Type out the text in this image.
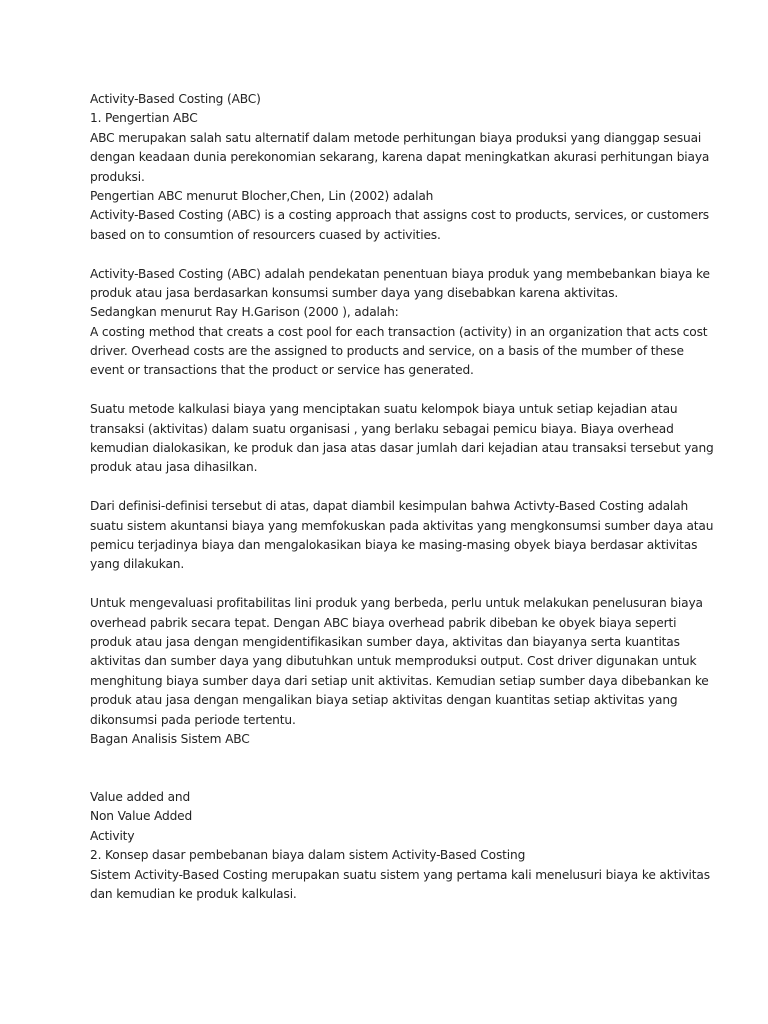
Activity-Based Costing (ABC)
1. Pengertian ABC
ABC merupakan salah satu alternatif dalam metode perhitungan biaya produksi yang dianggap sesuai
dengan keadaan dunia perekonomian sekarang, karena dapat meningkatkan akurasi perhitungan biaya
produksi.
Pengertian ABC menurut Blocher,Chen, Lin (2002) adalah
Activity-Based Costing (ABC) is a costing approach that assigns cost to products, services, or customers
based on to consumtion of resourcers cuased by activities.
Activity-Based Costing (ABC) adalah pendekatan penentuan biaya produk yang membebankan biaya ke
produk atau jasa berdasarkan konsumsi sumber daya yang disebabkan karena aktivitas.
Sedangkan menurut Ray H.Garison (2000 ), adalah:
A costing method that creats a cost pool for each transaction (activity) in an organization that acts cost
driver. Overhead costs are the assigned to products and service, on a basis of the mumber of these
event or transactions that the product or service has generated.
Suatu metode kalkulasi biaya yang menciptakan suatu kelompok biaya untuk setiap kejadian atau
transaksi (aktivitas) dalam suatu organisasi , yang berlaku sebagai pemicu biaya. Biaya overhead
kemudian dialokasikan, ke produk dan jasa atas dasar jumlah dari kejadian atau transaksi tersebut yang
produk atau jasa dihasilkan.
Dari definisi-definisi tersebut di atas, dapat diambil kesimpulan bahwa Activty-Based Costing adalah
suatu sistem akuntansi biaya yang memfokuskan pada aktivitas yang mengkonsumsi sumber daya atau
pemicu terjadinya biaya dan mengalokasikan biaya ke masing-masing obyek biaya berdasar aktivitas
yang dilakukan.
Untuk mengevaluasi profitabilitas lini produk yang berbeda, perlu untuk melakukan penelusuran biaya
overhead pabrik secara tepat. Dengan ABC biaya overhead pabrik dibeban ke obyek biaya seperti
produk atau jasa dengan mengidentifikasikan sumber daya, aktivitas dan biayanya serta kuantitas
aktivitas dan sumber daya yang dibutuhkan untuk memproduksi output. Cost driver digunakan untuk
menghitung biaya sumber daya dari setiap unit aktivitas. Kemudian setiap sumber daya dibebankan ke
produk atau jasa dengan mengalikan biaya setiap aktivitas dengan kuantitas setiap aktivitas yang
dikonsumsi pada periode tertentu.
Bagan Analisis Sistem ABC
Value added and
Non Value Added
Activity
2. Konsep dasar pembebanan biaya dalam sistem Activity-Based Costing
Sistem Activity-Based Costing merupakan suatu sistem yang pertama kali menelusuri biaya ke aktivitas
dan kemudian ke produk kalkulasi.
